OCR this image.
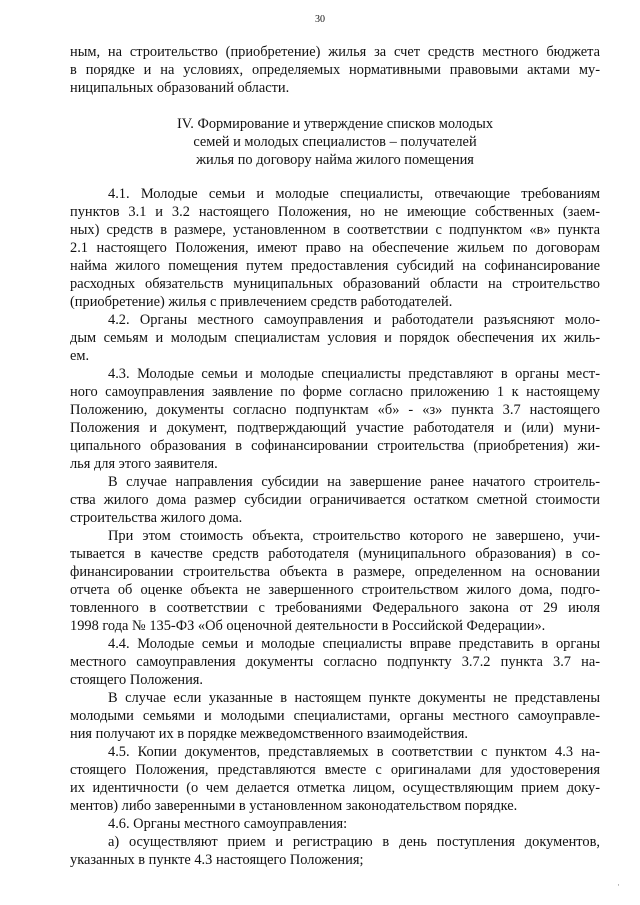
30
ным, на строительство (приобретение) жилья за счет средств местного бюджета
в порядке и на условиях, определяемых нормативными правовыми актами му-
ниципальных образований области.
IV. Формирование и утверждение списков молодых
семей и молодых специалистов – получателей
жилья по договору найма жилого помещения
4.1. Молодые семьи и молодые специалисты, отвечающие требованиям
пунктов 3.1 и 3.2 настоящего Положения, но не имеющие собственных (заем-
ных) средств в размере, установленном в соответствии с подпунктом «в» пункта
2.1 настоящего Положения, имеют право на обеспечение жильем по договорам
найма жилого помещения путем предоставления субсидий на софинансирование
расходных обязательств муниципальных образований области на строительство
(приобретение) жилья с привлечением средств работодателей.
4.2. Органы местного самоуправления и работодатели разъясняют моло-
дым семьям и молодым специалистам условия и порядок обеспечения их жиль-
ем.
4.3. Молодые семьи и молодые специалисты представляют в органы мест-
ного самоуправления заявление по форме согласно приложению 1 к настоящему
Положению, документы согласно подпунктам «б» - «з» пункта 3.7 настоящего
Положения и документ, подтверждающий участие работодателя и (или) муни-
ципального образования в софинансировании строительства (приобретения) жи-
лья для этого заявителя.
В случае направления субсидии на завершение ранее начатого строитель-
ства жилого дома размер субсидии ограничивается остатком сметной стоимости
строительства жилого дома.
При этом стоимость объекта, строительство которого не завершено, учи-
тывается в качестве средств работодателя (муниципального образования) в со-
финансировании строительства объекта в размере, определенном на основании
отчета об оценке объекта не завершенного строительством жилого дома, подго-
товленного в соответствии с требованиями Федерального закона от 29 июля
1998 года № 135-ФЗ «Об оценочной деятельности в Российской Федерации».
4.4. Молодые семьи и молодые специалисты вправе представить в органы
местного самоуправления документы согласно подпункту 3.7.2 пункта 3.7 на-
стоящего Положения.
В случае если указанные в настоящем пункте документы не представлены
молодыми семьями и молодыми специалистами, органы местного самоуправле-
ния получают их в порядке межведомственного взаимодействия.
4.5. Копии документов, представляемых в соответствии с пунктом 4.3 на-
стоящего Положения, представляются вместе с оригиналами для удостоверения
их идентичности (о чем делается отметка лицом, осуществляющим прием доку-
ментов) либо заверенными в установленном законодательством порядке.
4.6. Органы местного самоуправления:
а) осуществляют прием и регистрацию в день поступления документов,
указанных в пункте 4.3 настоящего Положения;
·
